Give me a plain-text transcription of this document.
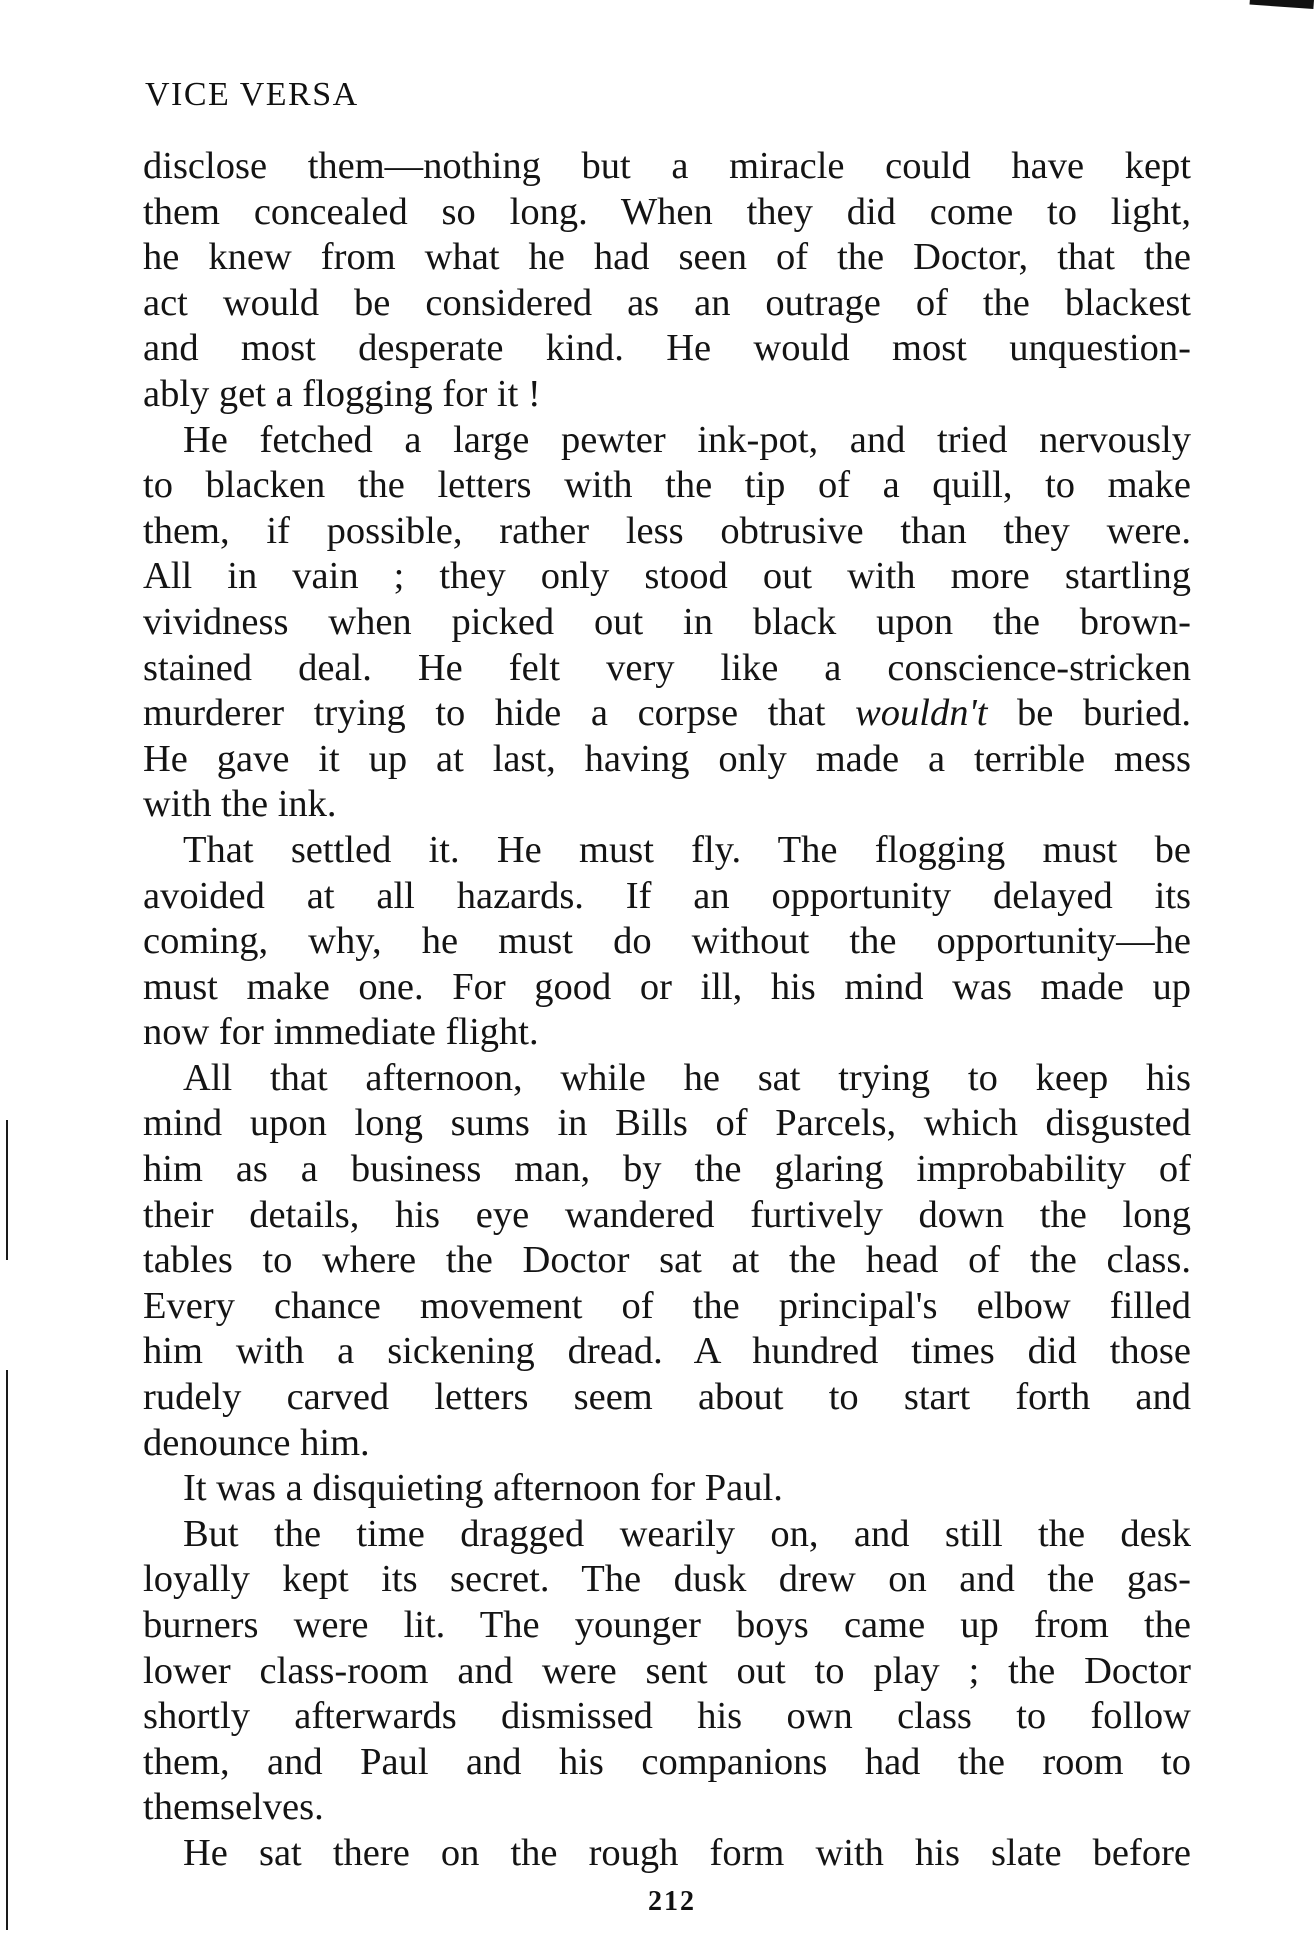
VICE VERSA
disclose them—nothing but a miracle could have kept
them concealed so long. When they did come to light,
he knew from what he had seen of the Doctor, that the
act would be considered as an outrage of the blackest
and most desperate kind. He would most unquestion-
ably get a flogging for it !
He fetched a large pewter ink-pot, and tried nervously
to blacken the letters with the tip of a quill, to make
them, if possible, rather less obtrusive than they were.
All in vain ; they only stood out with more startling
vividness when picked out in black upon the brown-
stained deal. He felt very like a conscience-stricken
murderer trying to hide a corpse that wouldn't be buried.
He gave it up at last, having only made a terrible mess
with the ink.
That settled it. He must fly. The flogging must be
avoided at all hazards. If an opportunity delayed its
coming, why, he must do without the opportunity—he
must make one. For good or ill, his mind was made up
now for immediate flight.
All that afternoon, while he sat trying to keep his
mind upon long sums in Bills of Parcels, which disgusted
him as a business man, by the glaring improbability of
their details, his eye wandered furtively down the long
tables to where the Doctor sat at the head of the class.
Every chance movement of the principal's elbow filled
him with a sickening dread. A hundred times did those
rudely carved letters seem about to start forth and
denounce him.
It was a disquieting afternoon for Paul.
But the time dragged wearily on, and still the desk
loyally kept its secret. The dusk drew on and the gas-
burners were lit. The younger boys came up from the
lower class-room and were sent out to play ; the Doctor
shortly afterwards dismissed his own class to follow
them, and Paul and his companions had the room to
themselves.
He sat there on the rough form with his slate before
212
